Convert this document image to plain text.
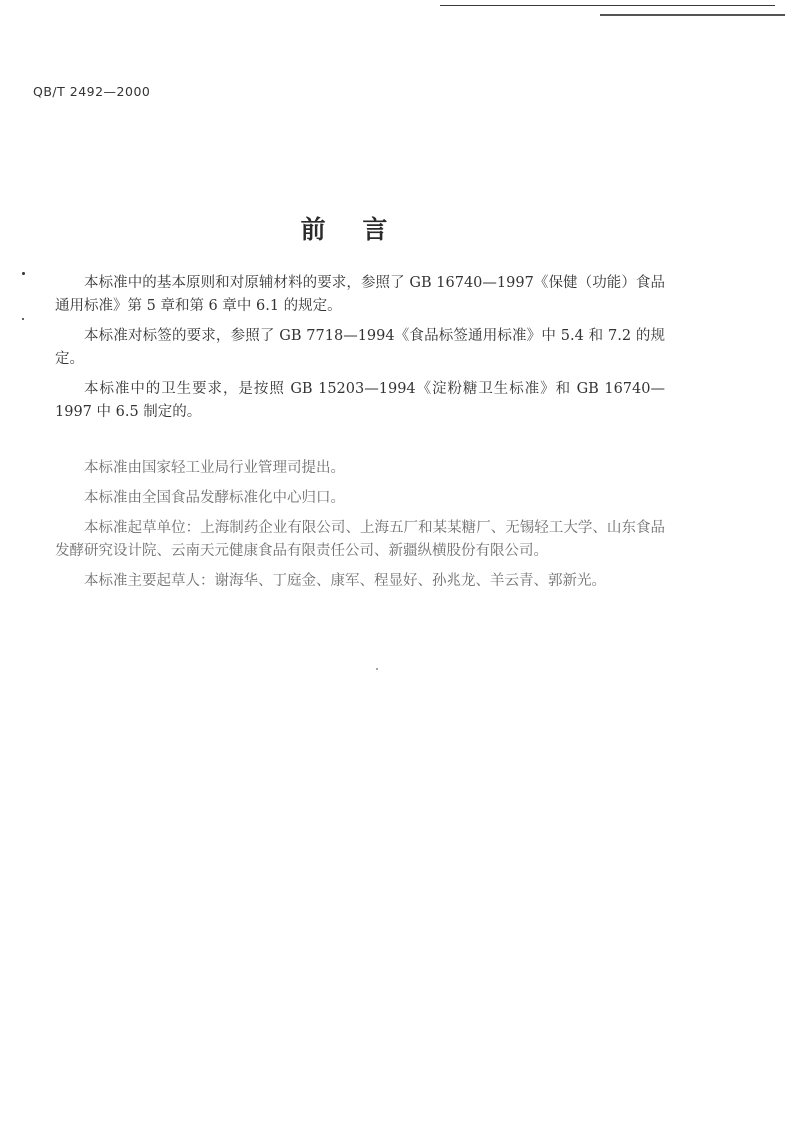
QB/T 2492—2000
前 言

本标准中的基本原则和对原辅材料的要求，参照了 GB 16740—1997《保健（功能）食品通用标准》第 5 章和第 6 章中 6.1 的规定。

本标准对标签的要求，参照了 GB 7718—1994《食品标签通用标准》中 5.4 和 7.2 的规定。

本标准中的卫生要求，是按照 GB 15203—1994《淀粉糖卫生标准》和 GB 16740—1997 中 6.5 制定的。

本标准由国家轻工业局行业管理司提出。

本标准由全国食品发酵标准化中心归口。

本标准起草单位：上海制药企业有限公司、上海五厂和某某糖厂、无锡轻工大学、山东食品发酵研究设计院、云南天元健康食品有限责任公司、新疆纵横股份有限公司。

本标准主要起草人：谢海华、丁庭金、康军、程显好、孙兆龙、羊云青、郭新光。
